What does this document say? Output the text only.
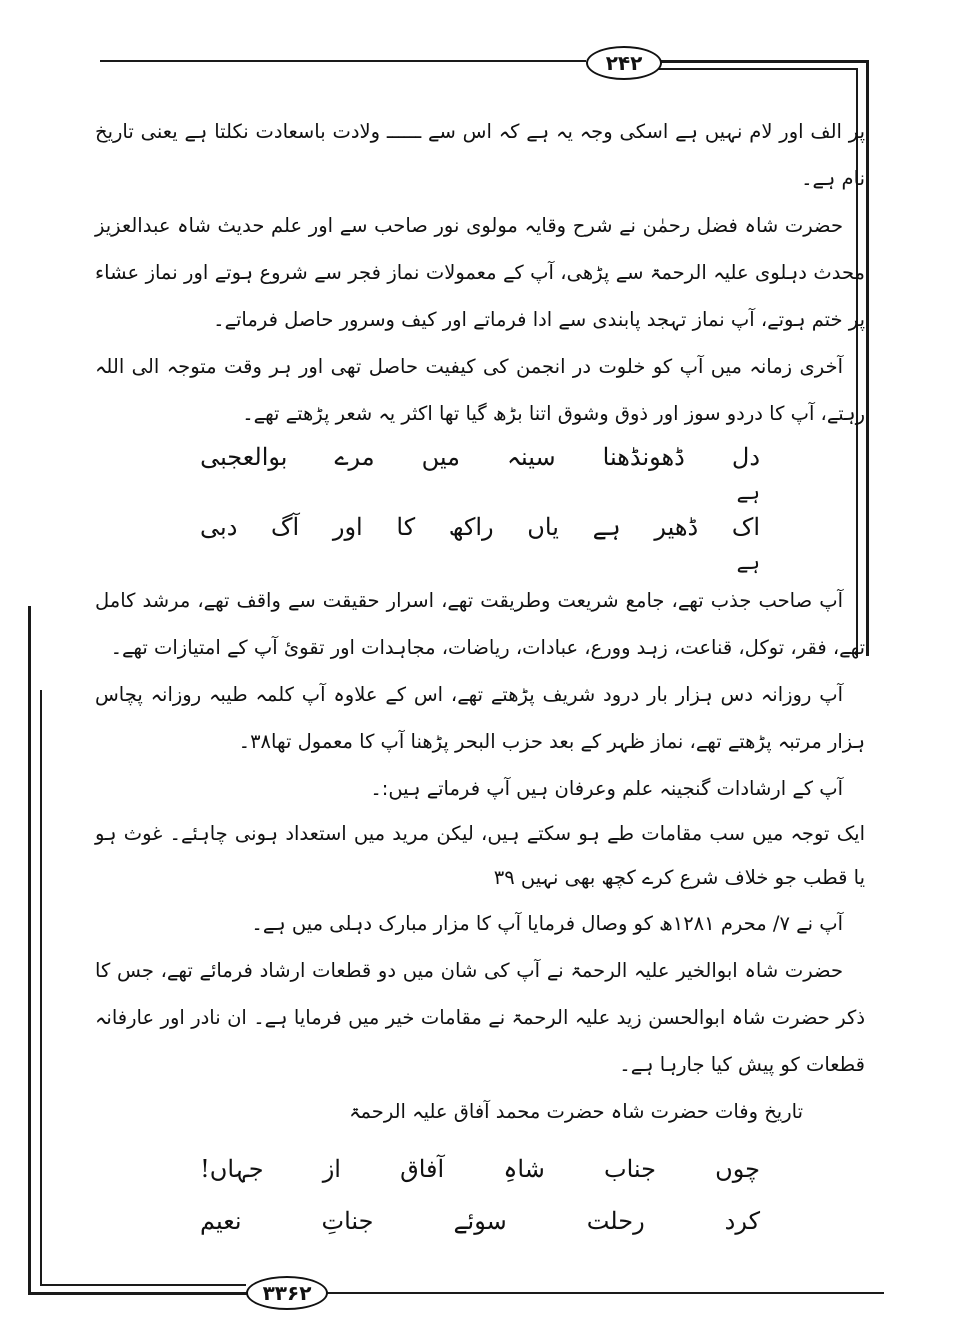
۲۴۲
۳۳۶۲

پر الف اور لام نہیں ہے اسکی وجہ یہ ہے کہ اس سے ــــــ ولادت باسعادت نکلتا ہے یعنی تاریخ نام ہے۔

حضرت شاہ فضل رحمٰن نے شرح وقایہ مولوی نور صاحب سے اور علم حدیث شاہ عبدالعزیز محدث دہلوی علیہ الرحمۃ سے پڑھی، آپ کے معمولات نماز فجر سے شروع ہوتے اور نماز عشاء پر ختم ہوتے، آپ نماز تہجد پابندی سے ادا فرماتے اور کیف وسرور حاصل فرماتے۔

آخری زمانہ میں آپ کو خلوت در انجمن کی کیفیت حاصل تھی اور ہر وقت متوجہ الی اللہ رہتے، آپ کا دردو سوز اور ذوق وشوق اتنا بڑھ گیا تھا اکثر یہ شعر پڑھتے تھے۔

دل
ڈھونڈھنا
سینہ
میں
مرے
بوالعجبی
ہے
اک
ڈھیر
ہے
یاں
راکھ
کا
اور
آگ
دبی
ہے

آپ صاحب جذب تھے، جامع شریعت وطریقت تھے، اسرار حقیقت سے واقف تھے، مرشد کامل تھے، فقر، توکل، قناعت، زہد وورع، عبادات، ریاضات، مجاہدات اور تقوئ آپ کے امتیازات تھے۔

آپ روزانہ دس ہزار بار درود شریف پڑھتے تھے، اس کے علاوہ آپ کلمہ طیبہ روزانہ پچاس ہزار مرتبہ پڑھتے تھے، نماز ظہر کے بعد حزب البحر پڑھنا آپ کا معمول تھا۳۸۔

آپ کے ارشادات گنجینہ علم وعرفان ہیں آپ فرماتے ہیں:۔

ایک توجہ میں سب مقامات طے ہو سکتے ہیں، لیکن مرید میں استعداد ہونی چاہئے۔ غوث ہو یا قطب جو خلاف شرع کرے کچھ بھی نہیں ۳۹

آپ نے ۷/ محرم ۱۲۸۱ھ کو وصال فرمایا آپ کا مزار مبارک دہلی میں ہے۔

حضرت شاہ ابوالخیر علیہ الرحمۃ نے آپ کی شان میں دو قطعات ارشاد فرمائے تھے، جس کا ذکر حضرت شاہ ابوالحسن زید علیہ الرحمۃ نے مقامات خیر میں فرمایا ہے۔ ان نادر اور عارفانہ قطعات کو پیش کیا جارہا ہے۔

تاریخ وفات حضرت شاہ حضرت محمد آفاق علیہ الرحمۃ

چوں
جناب
شاہِ
آفاق
از
جہاں!
کرد
رحلت
سوئے
جناتِ
نعیم
